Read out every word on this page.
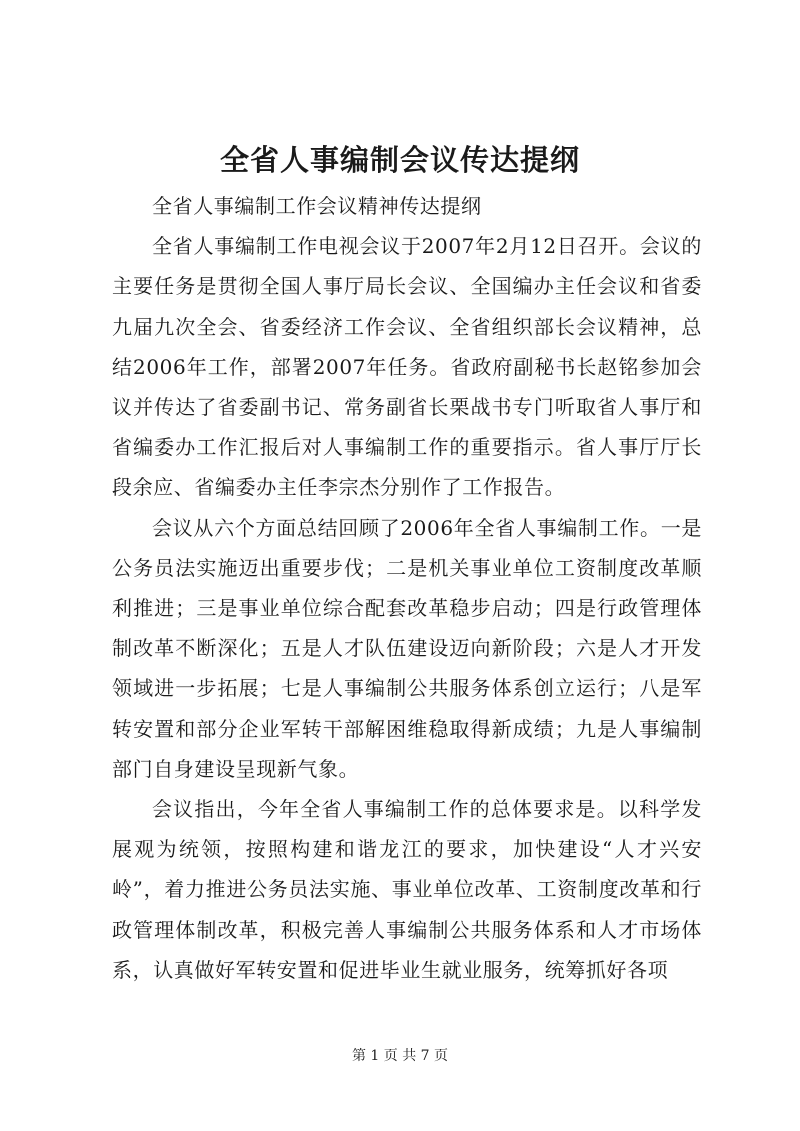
全省人事编制会议传达提纲

全省人事编制工作会议精神传达提纲

全省人事编制工作电视会议于2007年2月12日召开。会议的主要任务是贯彻全国人事厅局长会议、全国编办主任会议和省委九届九次全会、省委经济工作会议、全省组织部长会议精神，总结2006年工作，部署2007年任务。省政府副秘书长赵铭参加会议并传达了省委副书记、常务副省长栗战书专门听取省人事厅和省编委办工作汇报后对人事编制工作的重要指示。省人事厅厅长段余应、省编委办主任李宗杰分别作了工作报告。

会议从六个方面总结回顾了2006年全省人事编制工作。一是公务员法实施迈出重要步伐；二是机关事业单位工资制度改革顺利推进；三是事业单位综合配套改革稳步启动；四是行政管理体制改革不断深化；五是人才队伍建设迈向新阶段；六是人才开发领域进一步拓展；七是人事编制公共服务体系创立运行；八是军转安置和部分企业军转干部解困维稳取得新成绩；九是人事编制部门自身建设呈现新气象。

会议指出，今年全省人事编制工作的总体要求是。以科学发展观为统领，按照构建和谐龙江的要求，加快建设“人才兴安岭”，着力推进公务员法实施、事业单位改革、工资制度改革和行政管理体制改革，积极完善人事编制公共服务体系和人才市场体系，认真做好军转安置和促进毕业生就业服务，统筹抓好各项

第 1 页 共 7 页
